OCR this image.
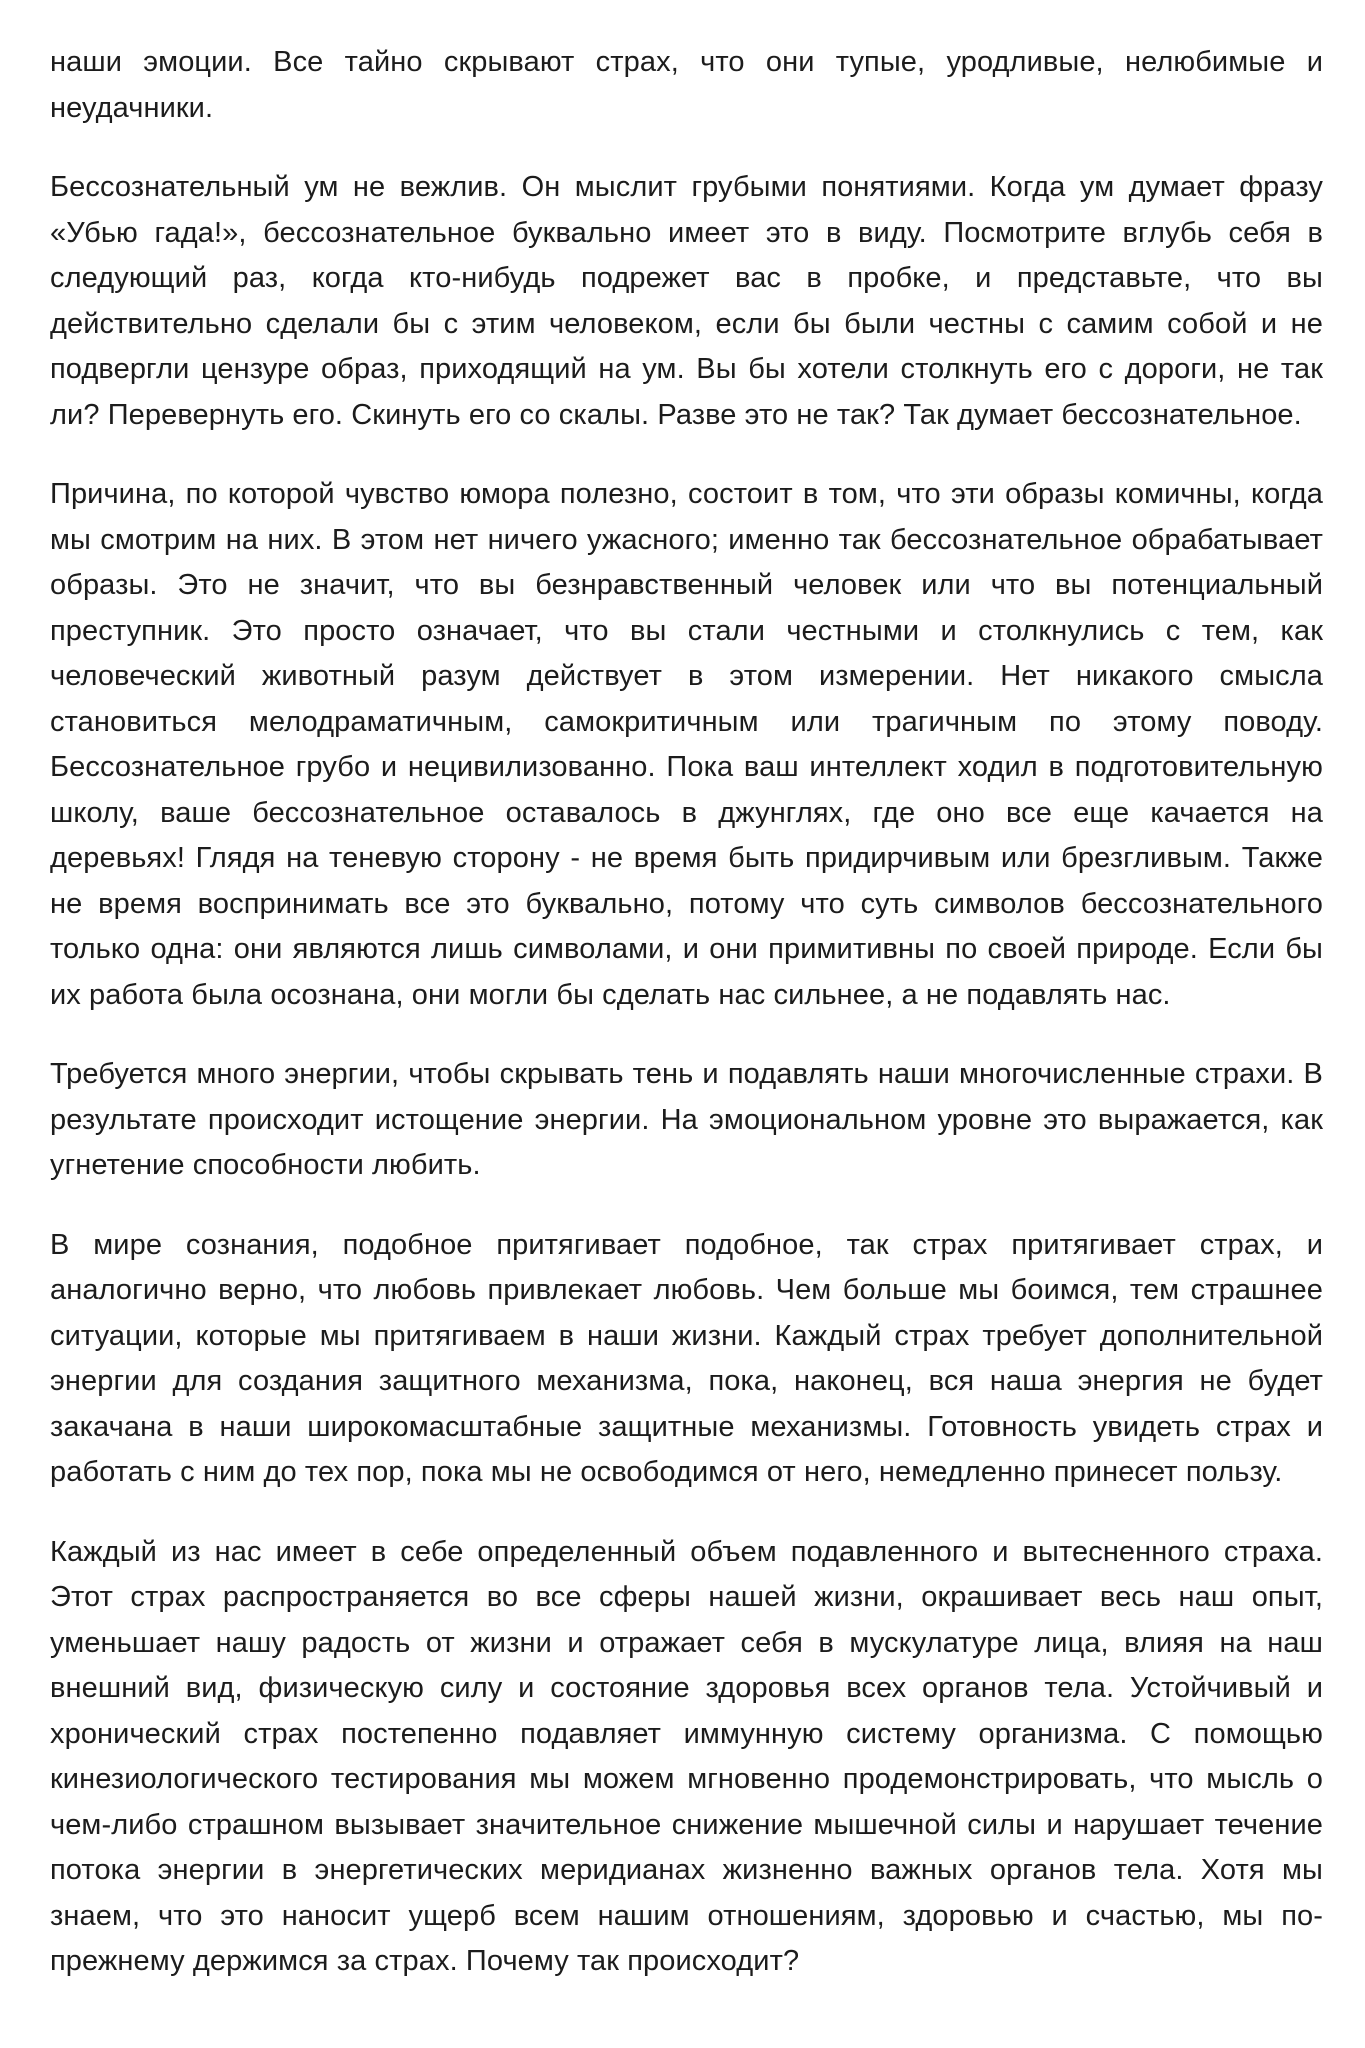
наши эмоции. Все тайно скрывают страх, что они тупые, уродливые, нелюбимые и неудачники.

Бессознательный ум не вежлив. Он мыслит грубыми понятиями. Когда ум думает фразу «Убью гада!», бессознательное буквально имеет это в виду. Посмотрите вглубь себя в следующий раз, когда кто-нибудь подрежет вас в пробке, и представьте, что вы действительно сделали бы с этим человеком, если бы были честны с самим собой и не подвергли цензуре образ, приходящий на ум. Вы бы хотели столкнуть его с дороги, не так ли? Перевернуть его. Скинуть его со скалы. Разве это не так? Так думает бессознательное.

Причина, по которой чувство юмора полезно, состоит в том, что эти образы комичны, когда мы смотрим на них. В этом нет ничего ужасного; именно так бессознательное обрабатывает образы. Это не значит, что вы безнравственный человек или что вы потенциальный преступник. Это просто означает, что вы стали честными и столкнулись с тем, как человеческий животный разум действует в этом измерении. Нет никакого смысла становиться мелодраматичным, самокритичным или трагичным по этому поводу. Бессознательное грубо и нецивилизованно. Пока ваш интеллект ходил в подготовительную школу, ваше бессознательное оставалось в джунглях, где оно все еще качается на деревьях! Глядя на теневую сторону - не время быть придирчивым или брезгливым. Также не время воспринимать все это буквально, потому что суть символов бессознательного только одна: они являются лишь символами, и они примитивны по своей природе. Если бы их работа была осознана, они могли бы сделать нас сильнее, а не подавлять нас.

Требуется много энергии, чтобы скрывать тень и подавлять наши многочисленные страхи. В результате происходит истощение энергии. На эмоциональном уровне это выражается, как угнетение способности любить.

В мире сознания, подобное притягивает подобное, так страх притягивает страх, и аналогично верно, что любовь привлекает любовь. Чем больше мы боимся, тем страшнее ситуации, которые мы притягиваем в наши жизни. Каждый страх требует дополнительной энергии для создания защитного механизма, пока, наконец, вся наша энергия не будет закачана в наши широкомасштабные защитные механизмы. Готовность увидеть страх и работать с ним до тех пор, пока мы не освободимся от него, немедленно принесет пользу.

Каждый из нас имеет в себе определенный объем подавленного и вытесненного страха. Этот страх распространяется во все сферы нашей жизни, окрашивает весь наш опыт, уменьшает нашу радость от жизни и отражает себя в мускулатуре лица, влияя на наш внешний вид, физическую силу и состояние здоровья всех органов тела. Устойчивый и хронический страх постепенно подавляет иммунную систему организма. С помощью кинезиологического тестирования мы можем мгновенно продемонстрировать, что мысль о чем-либо страшном вызывает значительное снижение мышечной силы и нарушает течение потока энергии в энергетических меридианах жизненно важных органов тела. Хотя мы знаем, что это наносит ущерб всем нашим отношениям, здоровью и счастью, мы по-прежнему держимся за страх. Почему так происходит?
